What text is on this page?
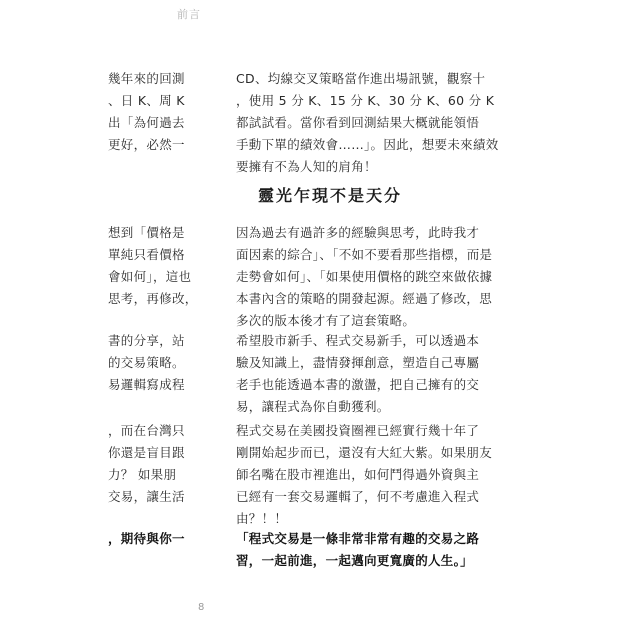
前言
幾年來的回測
、日 K、周 K
出「為何過去
更好，必然一
CD、均線交叉策略當作進出場訊號，觀察十
，使用 5 分 K、15 分 K、30 分 K、60 分 K
都試試看。當你看到回測結果大概就能領悟
手動下單的績效會……」。因此，想要未來績效
要擁有不為人知的肩角！
靈光乍現不是天分
想到「價格是
單純只看價格
會如何」，這也
思考，再修改，
因為過去有過許多的經驗與思考，此時我才
面因素的綜合」、「不如不要看那些指標，而是
走勢會如何」、「如果使用價格的跳空來做依據
本書內含的策略的開發起源。經過了修改，思
多次的版本後才有了這套策略。
書的分享，站
的交易策略。
易邏輯寫成程
希望股市新手、程式交易新手，可以透過本
驗及知識上，盡情發揮創意，塑造自己專屬
老手也能透過本書的激盪，把自己擁有的交
易，讓程式為你自動獲利。
，而在台灣只
你還是盲目跟
力？ 如果朋
交易，讓生活
程式交易在美國投資圈裡已經實行幾十年了
剛開始起步而已，還沒有大紅大紫。如果朋友
師名嘴在股市裡進出，如何鬥得過外資與主
已經有一套交易邏輯了，何不考慮進入程式
由？！！
，期待與你一	「程式交易是一條非常非常有趣的交易之路
習，一起前進，一起邁向更寬廣的人生。」
8
